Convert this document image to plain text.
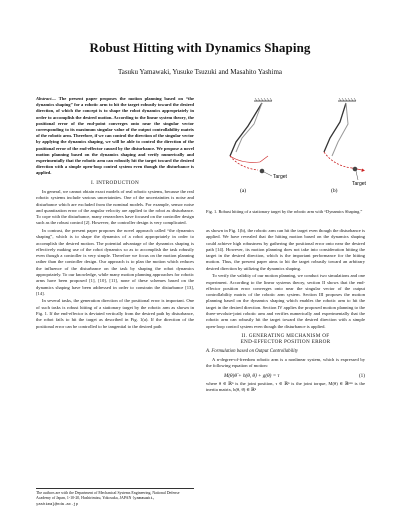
Robust Hitting with Dynamics Shaping
Tasuku Yamawaki, Yusuke Tsuzuki and Masahito Yashima
Abstract— The present paper proposes the motion planning based on “the dynamics shaping” for a robotic arm to hit the target robustly toward the desired direction, of which the concept is to shape the robot dynamics appropriately in order to accomplish the desired motion. According to the linear system theory, the positional error of the end-point converges onto near the singular vector corresponding to its maximum singular value of the output controllability matrix of the robotic arm. Therefore, if we can control the direction of the singular vector by applying the dynamics shaping, we will be able to control the direction of the positional error of the end-effector caused by the disturbance. We propose a novel motion planning based on the dynamics shaping and verify numerically and experimentally that the robotic arm can robustly hit the target toward the desired direction with a simple open-loop control system even though the disturbance is applied.
I. INTRODUCTION

In general, we cannot obtain exact models of real robotic systems, because the real robotic systems include various uncertainties. One of the uncertainties is noise and disturbance which are excluded from the nominal models. For example, sensor noise and quantization error of the angular velocity are applied to the robot as disturbance. To cope with the disturbance, many researchers have focused on the controller design such as the robust control [2]. However, the controller design is very complicated.

In contrast, the present paper proposes the novel approach called “the dynamics shaping”, which is to shape the dynamics of a robot appropriately in order to accomplish the desired motion. The potential advantage of the dynamics shaping is effectively making use of the robot dynamics so as to accomplish the task robustly even though a controller is very simple. Therefore we focus on the motion planning rather than the controller design. Our approach is to plan the motion which reduces the influence of the disturbance on the task by shaping the robot dynamics appropriately. To our knowledge, while many motion planning approaches for robotic arms have been proposed [1], [10], [11], none of these schemes based on the dynamics shaping have been addressed in order to constrain the disturbance [13], [14].

In several tasks, the generation direction of the positional error is important. One of such tasks is robust hitting of a stationary target by the robotic arm as shown in Fig. 1. If the end-effector is deviated vertically from the desired path by disturbance, the robot fails to hit the target as described in Fig. 1(a). If the direction of the positional error can be controlled to be tangential to the desired path

The authors are with the Department of Mechanical Systems Engineering, National Defense Academy of Japan, 1-10-20, Hashirimizu, Yokosuka, JAPAN {yamawaki, yashima}@nda.ac.jp
Target
(a)
Target
(b)
Fig. 1. Robust hitting of a stationary target by the robotic arm with “Dynamics Shaping.”

as shown in Fig. 1(b), the robotic arm can hit the target even though the disturbance is applied. We have revealed that the hitting motion based on the dynamics shaping could achieve high robustness by gathering the positional error onto near the desired path [14]. However, its motion planning does not take into consideration hitting the target in the desired direction, which is the important performance for the hitting motion. Thus, the present paper aims to hit the target robustly toward an arbitrary desired direction by utilizing the dynamics shaping.

To verify the validity of our motion planning, we conduct two simulations and one experiment. According to the linear systems theory, section II shows that the end-effector position error converges onto near the singular vector of the output controllability matrix of the robotic arm system. Section III proposes the motion planning based on the dynamics shaping which enables the robotic arm to hit the target in the desired direction. Section IV applies the proposed motion planning to the three-revolute-joint robotic arm and verifies numerically and experimentally that the robotic arm can robustly hit the target toward the desired direction with a simple open-loop control system even though the disturbance is applied.

II. GENERATING MECHANISM OF
END-EFFECTOR POSITION ERROR
A. Formulation based on Output Controllability

A n-degree-of-freedom robotic arm is a nonlinear system, which is expressed by the following equation of motion:

M(θ)θ̈ + h(θ, θ̇) + g(θ) = τ	(1)

where θ ∈ ℝⁿ is the joint position, τ ∈ ℝⁿ is the joint torque, M(θ) ∈ ℝⁿˣⁿ is the inertia matrix, h(θ, θ̇) ∈ ℝⁿ
